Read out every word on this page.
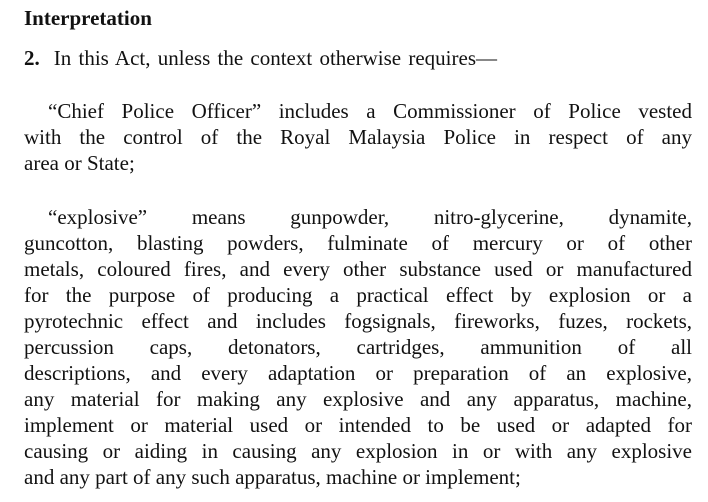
Interpretation
2. In this Act, unless the context otherwise requires—
“Chief Police Officer” includes a Commissioner of Police vested
with the control of the Royal Malaysia Police in respect of any
area or State;
“explosive” means gunpowder, nitro-glycerine, dynamite,
guncotton, blasting powders, fulminate of mercury or of other
metals, coloured fires, and every other substance used or manufactured
for the purpose of producing a practical effect by explosion or a
pyrotechnic effect and includes fogsignals, fireworks, fuzes, rockets,
percussion caps, detonators, cartridges, ammunition of all
descriptions, and every adaptation or preparation of an explosive,
any material for making any explosive and any apparatus, machine,
implement or material used or intended to be used or adapted for
causing or aiding in causing any explosion in or with any explosive
and any part of any such apparatus, machine or implement;
